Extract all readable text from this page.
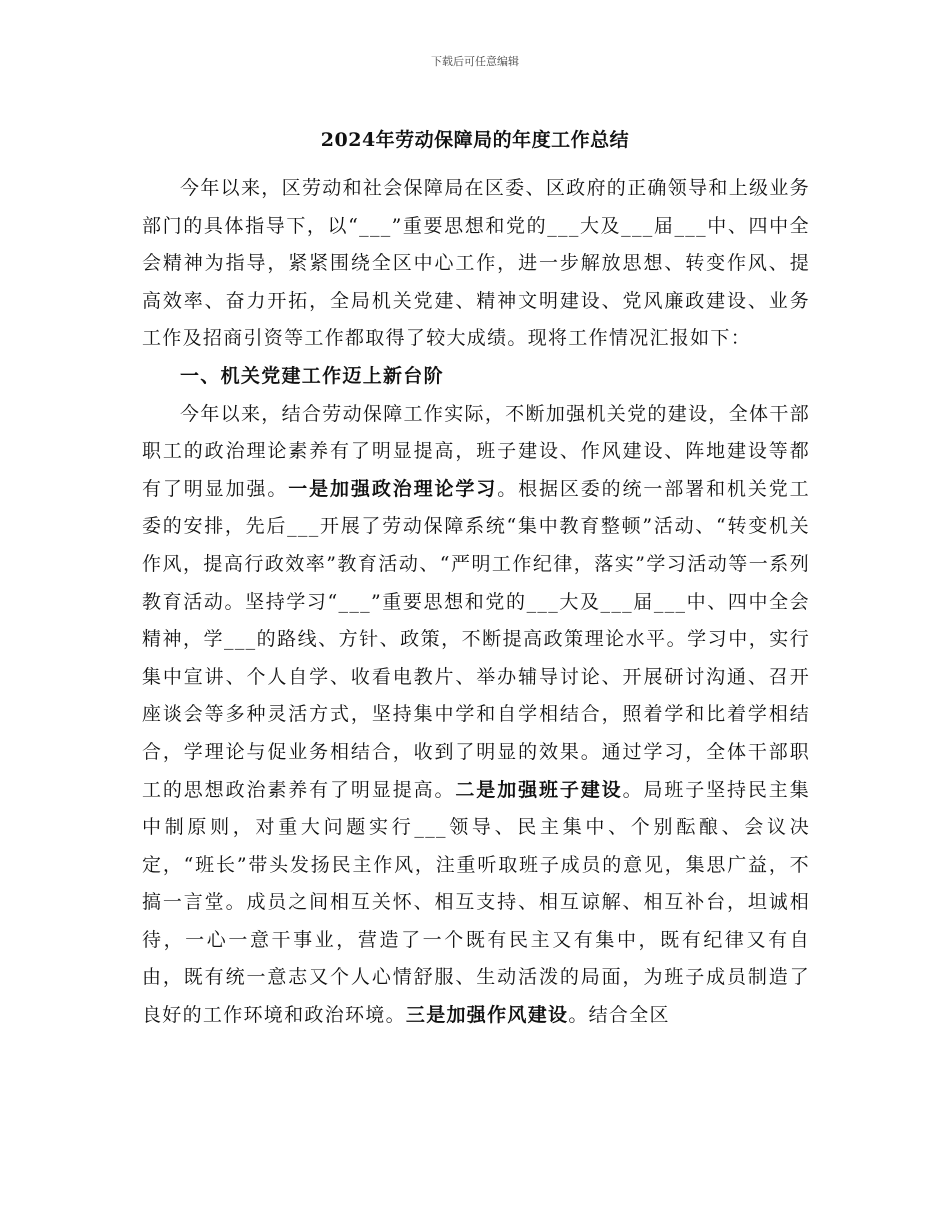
下载后可任意编辑
2024年劳动保障局的年度工作总结

今年以来，区劳动和社会保障局在区委、区政府的正确领导和上级业务部门的具体指导下，以“___”重要思想和党的___大及___届___中、四中全会精神为指导，紧紧围绕全区中心工作，进一步解放思想、转变作风、提高效率、奋力开拓，全局机关党建、精神文明建设、党风廉政建设、业务工作及招商引资等工作都取得了较大成绩。现将工作情况汇报如下：

一、机关党建工作迈上新台阶

今年以来，结合劳动保障工作实际，不断加强机关党的建设，全体干部职工的政治理论素养有了明显提高，班子建设、作风建设、阵地建设等都有了明显加强。一是加强政治理论学习。根据区委的统一部署和机关党工委的安排，先后___开展了劳动保障系统“集中教育整顿”活动、“转变机关作风，提高行政效率”教育活动、“严明工作纪律，落实”学习活动等一系列教育活动。坚持学习“___”重要思想和党的___大及___届___中、四中全会精神，学___的路线、方针、政策，不断提高政策理论水平。学习中，实行集中宣讲、个人自学、收看电教片、举办辅导讨论、开展研讨沟通、召开座谈会等多种灵活方式，坚持集中学和自学相结合，照着学和比着学相结合，学理论与促业务相结合，收到了明显的效果。通过学习，全体干部职工的思想政治素养有了明显提高。二是加强班子建设。局班子坚持民主集中制原则，对重大问题实行___领导、民主集中、个别酝酿、会议决定，“班长”带头发扬民主作风，注重听取班子成员的意见，集思广益，不搞一言堂。成员之间相互关怀、相互支持、相互谅解、相互补台，坦诚相待，一心一意干事业，营造了一个既有民主又有集中，既有纪律又有自由，既有统一意志又个人心情舒服、生动活泼的局面，为班子成员制造了良好的工作环境和政治环境。三是加强作风建设。结合全区
